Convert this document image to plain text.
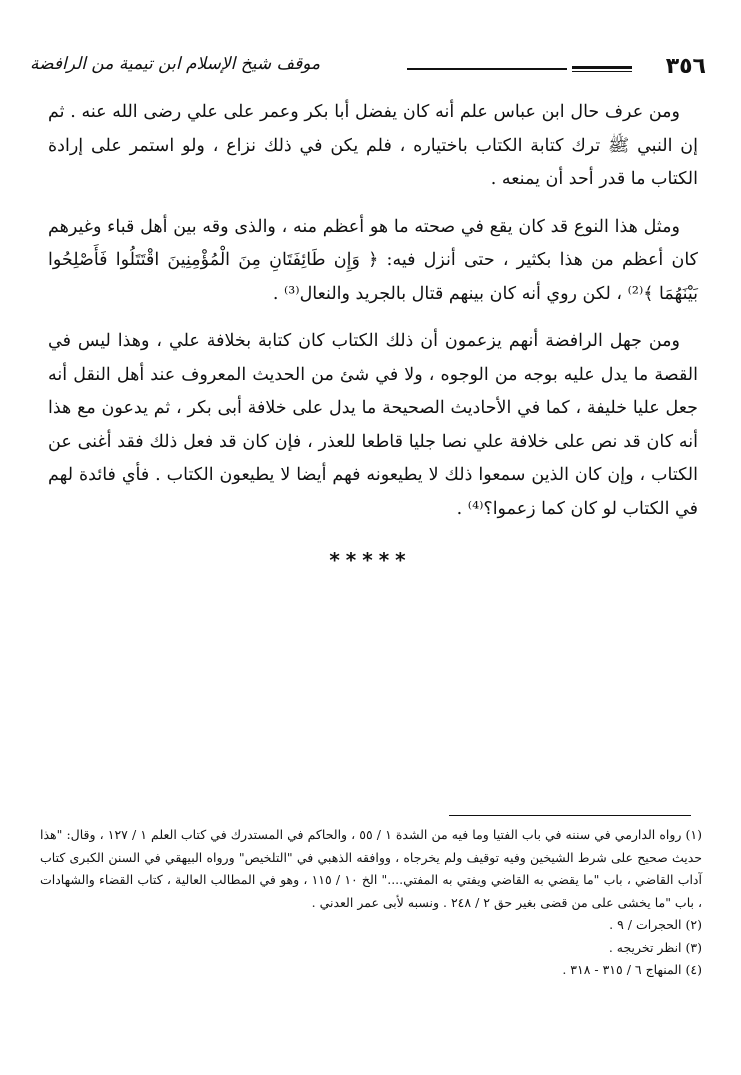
٣٥٦
موقف شيخ الإسلام ابن تيمية من الرافضة

ومن عرف حال ابن عباس علم أنه كان يفضل أبا بكر وعمر على علي رضى الله عنه . ثم إن النبي ﷺ ترك كتابة الكتاب باختياره ، فلم يكن في ذلك نزاع ، ولو استمر على إرادة الكتاب ما قدر أحد أن يمنعه .

ومثل هذا النوع قد كان يقع في صحته ما هو أعظم منه ، والذى وقه بين أهل قباء وغيرهم كان أعظم من هذا بكثير ، حتى أنزل فيه: ﴿ وَإِن طَائِفَتَانِ مِنَ الْمُؤْمِنِينَ اقْتَتَلُوا فَأَصْلِحُوا بَيْنَهُمَا ﴾⁽²⁾ ، لكن روي أنه كان بينهم قتال بالجريد والنعال⁽³⁾ .

ومن جهل الرافضة أنهم يزعمون أن ذلك الكتاب كان كتابة بخلافة علي ، وهذا ليس في القصة ما يدل عليه بوجه من الوجوه ، ولا في شئ من الحديث المعروف عند أهل النقل أنه جعل عليا خليفة ، كما في الأحاديث الصحيحة ما يدل على خلافة أبى بكر ، ثم يدعون مع هذا أنه كان قد نص على خلافة علي نصا جليا قاطعا للعذر ، فإن كان قد فعل ذلك فقد أغنى عن الكتاب ، وإن كان الذين سمعوا ذلك لا يطيعونه فهم أيضا لا يطيعون الكتاب . فأي فائدة لهم في الكتاب لو كان كما زعموا؟⁽⁴⁾ .

*****

(١) رواه الدارمي في سننه في باب الفتيا وما فيه من الشدة ١ / ٥٥ ، والحاكم في المستدرك في كتاب العلم ١ / ١٢٧ ، وقال: "هذا حديث صحيح على شرط الشيخين وفيه توقيف ولم يخرجاه ، ووافقه الذهبي في "التلخيص" ورواه البيهقي في السنن الكبرى كتاب آداب القاضي ، باب "ما يقضي به القاضي ويفتي به المفتي...." الخ ١٠ / ١١٥ ، وهو في المطالب العالية ، كتاب القضاء والشهادات ، باب "ما يخشى على من قضى بغير حق ٢ / ٢٤٨ . ونسبه لأبى عمر العدني .

(٢) الحجرات / ٩ .

(٣) انظر تخريجه .

(٤) المنهاج ٦ / ٣١٥ - ٣١٨ .
